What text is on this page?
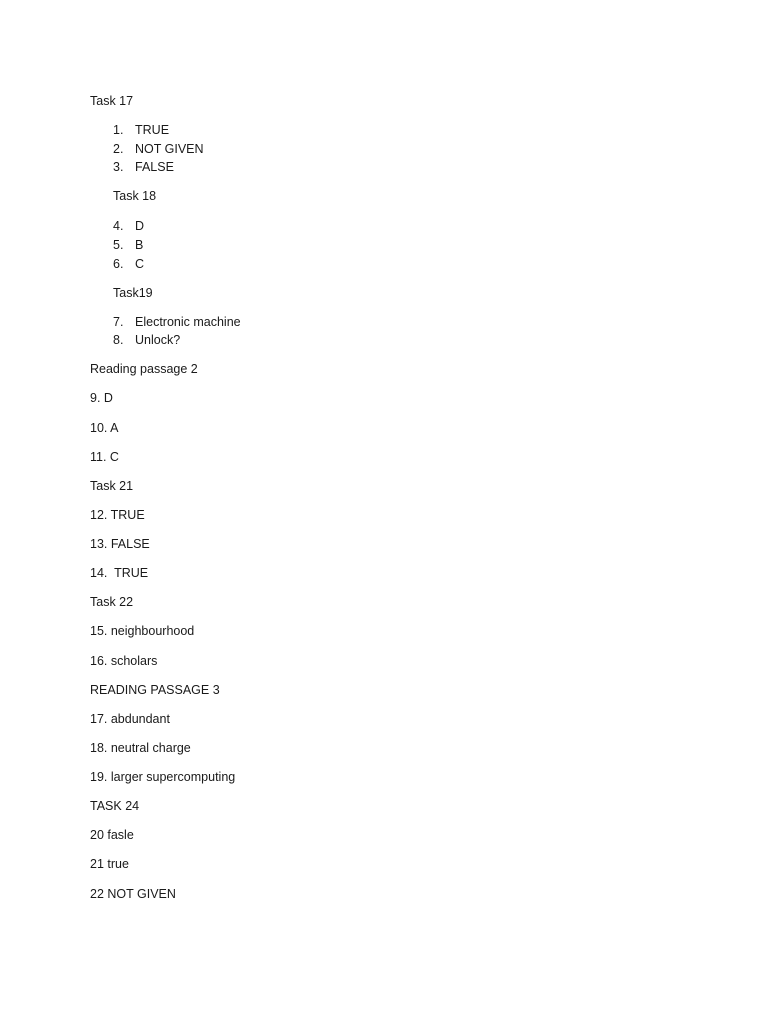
Task 17
1. TRUE
2. NOT GIVEN
3. FALSE
Task 18
4. D
5. B
6. C
Task19
7. Electronic machine
8. Unlock?
Reading passage 2
9. D
10. A
11. C
Task 21
12. TRUE
13. FALSE
14.  TRUE
Task 22
15. neighbourhood
16. scholars
READING PASSAGE 3
17. abdundant
18. neutral charge
19. larger supercomputing
TASK 24
20 fasle
21 true
22 NOT GIVEN
